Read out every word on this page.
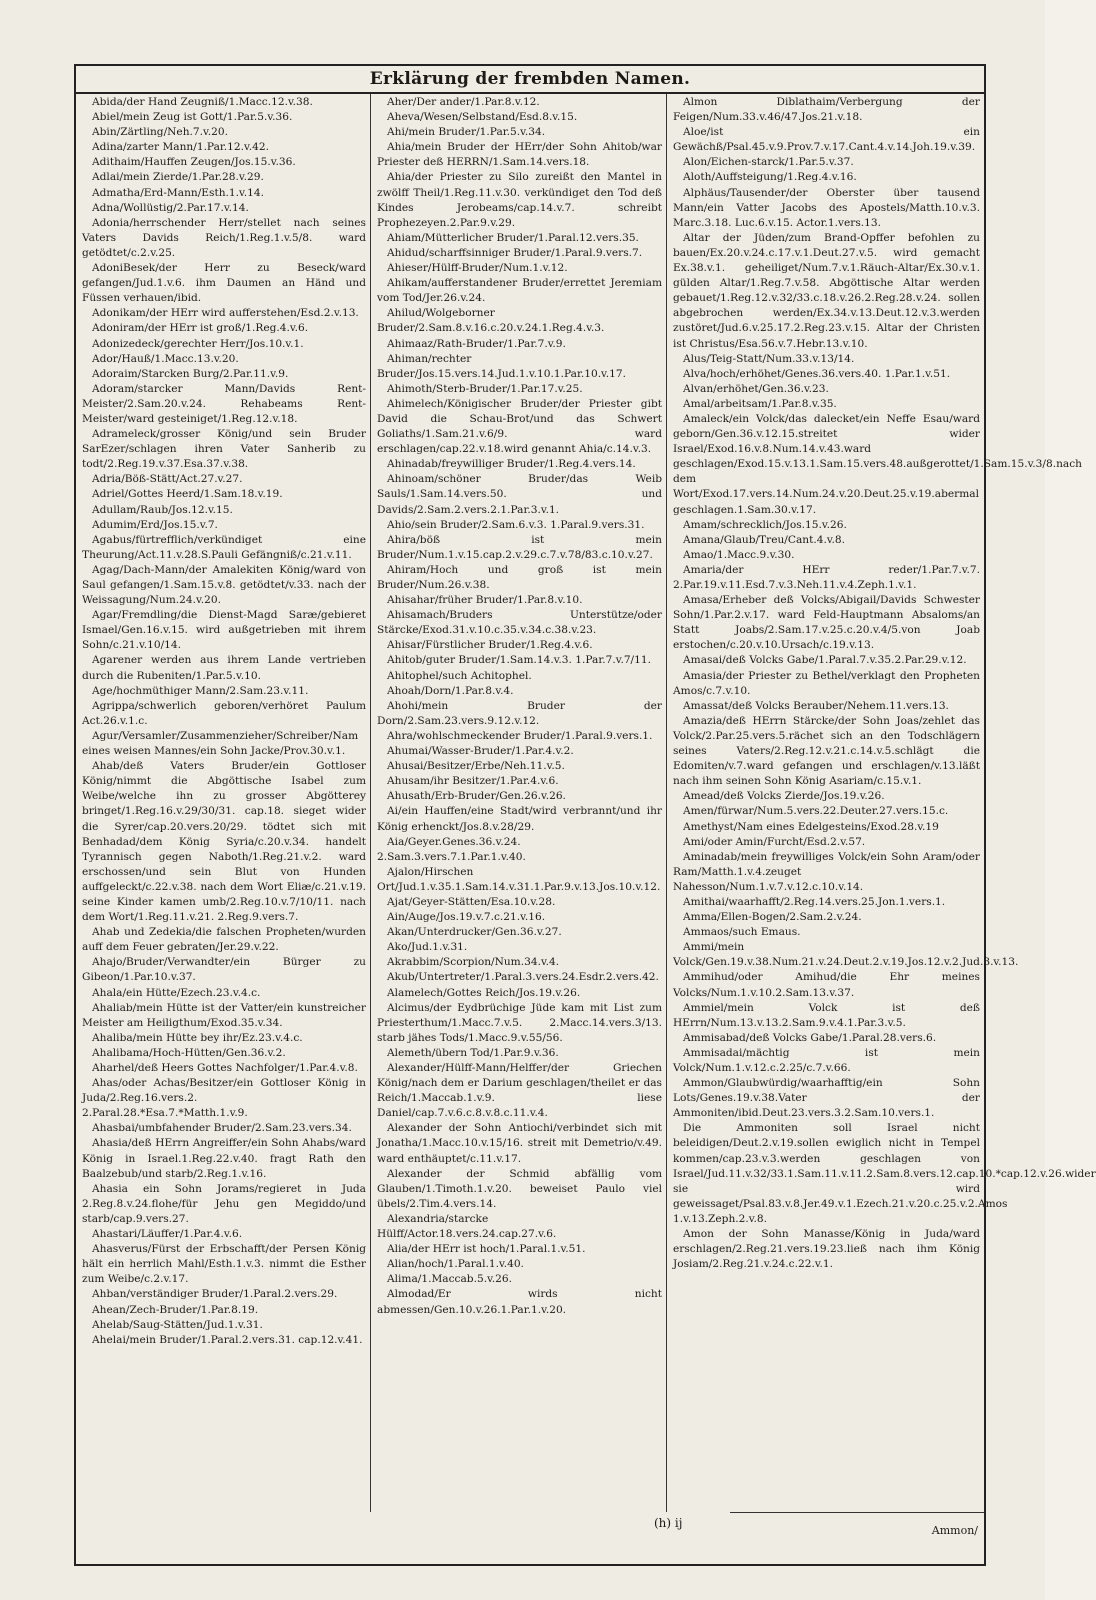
Erklärung der frembden Namen.

Abida/der Hand Zeugniß/1.Macc.12.v.38.

Abiel/mein Zeug ist Gott/1.Par.5.v.36.

Abin/Zärtling/Neh.7.v.20.

Adina/zarter Mann/1.Par.12.v.42.

Adithaim/Hauffen Zeugen/Jos.15.v.36.

Adlai/mein Zierde/1.Par.28.v.29.

Admatha/Erd-Mann/Esth.1.v.14.

Adna/Wollüstig/2.Par.17.v.14.

Adonia/herrschender Herr/stellet nach seines Vaters Davids Reich/1.Reg.1.v.5/8. ward getödtet/c.2.v.25.

AdoniBesek/der Herr zu Beseck/ward gefangen/Jud.1.v.6. ihm Daumen an Händ und Füssen verhauen/ibid.

Adonikam/der HErr wird aufferstehen/Esd.2.v.13.

Adoniram/der HErr ist groß/1.Reg.4.v.6.

Adonizedeck/gerechter Herr/Jos.10.v.1.

Ador/Hauß/1.Macc.13.v.20.

Adoraim/Starcken Burg/2.Par.11.v.9.

Adoram/starcker Mann/Davids Rent-Meister/2.Sam.20.v.24. Rehabeams Rent-Meister/ward gesteiniget/1.Reg.12.v.18.

Adrameleck/grosser König/und sein Bruder SarEzer/schlagen ihren Vater Sanherib zu todt/2.Reg.19.v.37.Esa.37.v.38.

Adria/Böß-Stätt/Act.27.v.27.

Adriel/Gottes Heerd/1.Sam.18.v.19.

Adullam/Raub/Jos.12.v.15.

Adumim/Erd/Jos.15.v.7.

Agabus/fürtrefflich/verkündiget eine Theurung/Act.11.v.28.S.Pauli Gefängniß/c.21.v.11.

Agag/Dach-Mann/der Amalekiten König/ward von Saul gefangen/1.Sam.15.v.8. getödtet/v.33. nach der Weissagung/Num.24.v.20.

Agar/Fremdling/die Dienst-Magd Saræ/gebieret Ismael/Gen.16.v.15. wird außgetrieben mit ihrem Sohn/c.21.v.10/14.

Agarener werden aus ihrem Lande vertrieben durch die Rubeniten/1.Par.5.v.10.

Age/hochmüthiger Mann/2.Sam.23.v.11.

Agrippa/schwerlich geboren/verhöret Paulum Act.26.v.1.c.

Agur/Versamler/Zusammenzieher/Schreiber/Nam eines weisen Mannes/ein Sohn Jacke/Prov.30.v.1.

Ahab/deß Vaters Bruder/ein Gottloser König/nimmt die Abgöttische Isabel zum Weibe/welche ihn zu grosser Abgötterey bringet/1.Reg.16.v.29/30/31. cap.18. sieget wider die Syrer/cap.20.vers.20/29. tödtet sich mit Benhadad/dem König Syria/c.20.v.34. handelt Tyrannisch gegen Naboth/1.Reg.21.v.2. ward erschossen/und sein Blut von Hunden auffgeleckt/c.22.v.38. nach dem Wort Eliæ/c.21.v.19. seine Kinder kamen umb/2.Reg.10.v.7/10/11. nach dem Wort/1.Reg.11.v.21. 2.Reg.9.vers.7.

Ahab und Zedekia/die falschen Propheten/wurden auff dem Feuer gebraten/Jer.29.v.22.

Ahajo/Bruder/Verwandter/ein Bürger zu Gibeon/1.Par.10.v.37.

Ahala/ein Hütte/Ezech.23.v.4.c.

Ahaliab/mein Hütte ist der Vatter/ein kunstreicher Meister am Heiligthum/Exod.35.v.34.

Ahaliba/mein Hütte bey ihr/Ez.23.v.4.c.

Ahalibama/Hoch-Hütten/Gen.36.v.2.

Aharhel/deß Heers Gottes Nachfolger/1.Par.4.v.8.

Ahas/oder Achas/Besitzer/ein Gottloser König in Juda/2.Reg.16.vers.2. 2.Paral.28.*Esa.7.*Matth.1.v.9.

Ahasbai/umbfahender Bruder/2.Sam.23.vers.34.

Ahasia/deß HErrn Angreiffer/ein Sohn Ahabs/ward König in Israel.1.Reg.22.v.40. fragt Rath den Baalzebub/und starb/2.Reg.1.v.16.

Ahasia ein Sohn Jorams/regieret in Juda 2.Reg.8.v.24.flohe/für Jehu gen Megiddo/und starb/cap.9.vers.27.

Ahastari/Läuffer/1.Par.4.v.6.

Ahasverus/Fürst der Erbschafft/der Persen König hält ein herrlich Mahl/Esth.1.v.3. nimmt die Esther zum Weibe/c.2.v.17.

Ahban/verständiger Bruder/1.Paral.2.vers.29.

Ahean/Zech-Bruder/1.Par.8.19.

Ahelab/Saug-Stätten/Jud.1.v.31.

Ahelai/mein Bruder/1.Paral.2.vers.31. cap.12.v.41.

Aher/Der ander/1.Par.8.v.12.

Aheva/Wesen/Selbstand/Esd.8.v.15.

Ahi/mein Bruder/1.Par.5.v.34.

Ahia/mein Bruder der HErr/der Sohn Ahitob/war Priester deß HERRN/1.Sam.14.vers.18.

Ahia/der Priester zu Silo zureißt den Mantel in zwölff Theil/1.Reg.11.v.30. verkündiget den Tod deß Kindes Jerobeams/cap.14.v.7. schreibt Prophezeyen.2.Par.9.v.29.

Ahiam/Mütterlicher Bruder/1.Paral.12.vers.35.

Ahidud/scharffsinniger Bruder/1.Paral.9.vers.7.

Ahieser/Hülff-Bruder/Num.1.v.12.

Ahikam/aufferstandener Bruder/errettet Jeremiam vom Tod/Jer.26.v.24.

Ahilud/Wolgeborner Bruder/2.Sam.8.v.16.c.20.v.24.1.Reg.4.v.3.

Ahimaaz/Rath-Bruder/1.Par.7.v.9.

Ahiman/rechter Bruder/Jos.15.vers.14.Jud.1.v.10.1.Par.10.v.17.

Ahimoth/Sterb-Bruder/1.Par.17.v.25.

Ahimelech/Königischer Bruder/der Priester gibt David die Schau-Brot/und das Schwert Goliaths/1.Sam.21.v.6/9. ward erschlagen/cap.22.v.18.wird genannt Ahia/c.14.v.3.

Ahinadab/freywilliger Bruder/1.Reg.4.vers.14.

Ahinoam/schöner Bruder/das Weib Sauls/1.Sam.14.vers.50. und Davids/2.Sam.2.vers.2.1.Par.3.v.1.

Ahio/sein Bruder/2.Sam.6.v.3. 1.Paral.9.vers.31.

Ahira/böß ist mein Bruder/Num.1.v.15.cap.2.v.29.c.7.v.78/83.c.10.v.27.

Ahiram/Hoch und groß ist mein Bruder/Num.26.v.38.

Ahisahar/früher Bruder/1.Par.8.v.10.

Ahisamach/Bruders Unterstütze/oder Stärcke/Exod.31.v.10.c.35.v.34.c.38.v.23.

Ahisar/Fürstlicher Bruder/1.Reg.4.v.6.

Ahitob/guter Bruder/1.Sam.14.v.3. 1.Par.7.v.7/11.

Ahitophel/such Achitophel.

Ahoah/Dorn/1.Par.8.v.4.

Ahohi/mein Bruder der Dorn/2.Sam.23.vers.9.12.v.12.

Ahra/wohlschmeckender Bruder/1.Paral.9.vers.1.

Ahumai/Wasser-Bruder/1.Par.4.v.2.

Ahusai/Besitzer/Erbe/Neh.11.v.5.

Ahusam/ihr Besitzer/1.Par.4.v.6.

Ahusath/Erb-Bruder/Gen.26.v.26.

Ai/ein Hauffen/eine Stadt/wird verbrannt/und ihr König erhenckt/Jos.8.v.28/29.

Aia/Geyer.Genes.36.v.24. 2.Sam.3.vers.7.1.Par.1.v.40.

Ajalon/Hirschen Ort/Jud.1.v.35.1.Sam.14.v.31.1.Par.9.v.13.Jos.10.v.12.

Ajat/Geyer-Stätten/Esa.10.v.28.

Ain/Auge/Jos.19.v.7.c.21.v.16.

Akan/Unterdrucker/Gen.36.v.27.

Ako/Jud.1.v.31.

Akrabbim/Scorpion/Num.34.v.4.

Akub/Untertreter/1.Paral.3.vers.24.Esdr.2.vers.42.

Alamelech/Gottes Reich/Jos.19.v.26.

Alcimus/der Eydbrüchige Jüde kam mit List zum Priesterthum/1.Macc.7.v.5. 2.Macc.14.vers.3/13. starb jähes Tods/1.Macc.9.v.55/56.

Alemeth/übern Tod/1.Par.9.v.36.

Alexander/Hülff-Mann/Helffer/der Griechen König/nach dem er Darium geschlagen/theilet er das Reich/1.Maccab.1.v.9. liese Daniel/cap.7.v.6.c.8.v.8.c.11.v.4.

Alexander der Sohn Antiochi/verbindet sich mit Jonatha/1.Macc.10.v.15/16. streit mit Demetrio/v.49. ward enthäuptet/c.11.v.17.

Alexander der Schmid abfällig vom Glauben/1.Timoth.1.v.20. beweiset Paulo viel übels/2.Tim.4.vers.14.

Alexandria/starcke Hülff/Actor.18.vers.24.cap.27.v.6.

Alia/der HErr ist hoch/1.Paral.1.v.51.

Alian/hoch/1.Paral.1.v.40.

Alima/1.Maccab.5.v.26.

Almodad/Er wirds nicht abmessen/Gen.10.v.26.1.Par.1.v.20.

Almon Diblathaim/Verbergung der Feigen/Num.33.v.46/47.Jos.21.v.18.

Aloe/ist ein Gewächß/Psal.45.v.9.Prov.7.v.17.Cant.4.v.14.Joh.19.v.39.

Alon/Eichen-starck/1.Par.5.v.37.

Aloth/Auffsteigung/1.Reg.4.v.16.

Alphäus/Tausender/der Oberster über tausend Mann/ein Vatter Jacobs des Apostels/Matth.10.v.3. Marc.3.18. Luc.6.v.15. Actor.1.vers.13.

Altar der Jüden/zum Brand-Opffer befohlen zu bauen/Ex.20.v.24.c.17.v.1.Deut.27.v.5. wird gemacht Ex.38.v.1. geheiliget/Num.7.v.1.Räuch-Altar/Ex.30.v.1. gülden Altar/1.Reg.7.v.58. Abgöttische Altar werden gebauet/1.Reg.12.v.32/33.c.18.v.26.2.Reg.28.v.24. sollen abgebrochen werden/Ex.34.v.13.Deut.12.v.3.werden zustöret/Jud.6.v.25.17.2.Reg.23.v.15. Altar der Christen ist Christus/Esa.56.v.7.Hebr.13.v.10.

Alus/Teig-Statt/Num.33.v.13/14.

Alva/hoch/erhöhet/Genes.36.vers.40. 1.Par.1.v.51.

Alvan/erhöhet/Gen.36.v.23.

Amal/arbeitsam/1.Par.8.v.35.

Amaleck/ein Volck/das dalecket/ein Neffe Esau/ward geborn/Gen.36.v.12.15.streitet wider Israel/Exod.16.v.8.Num.14.v.43.ward geschlagen/Exod.15.v.13.1.Sam.15.vers.48.außgerottet/1.Sam.15.v.3/8.nach dem Wort/Exod.17.vers.14.Num.24.v.20.Deut.25.v.19.abermal geschlagen.1.Sam.30.v.17.

Amam/schrecklich/Jos.15.v.26.

Amana/Glaub/Treu/Cant.4.v.8.

Amao/1.Macc.9.v.30.

Amaria/der HErr reder/1.Par.7.v.7. 2.Par.19.v.11.Esd.7.v.3.Neh.11.v.4.Zeph.1.v.1.

Amasa/Erheber deß Volcks/Abigail/Davids Schwester Sohn/1.Par.2.v.17. ward Feld-Hauptmann Absaloms/an Statt Joabs/2.Sam.17.v.25.c.20.v.4/5.von Joab erstochen/c.20.v.10.Ursach/c.19.v.13.

Amasai/deß Volcks Gabe/1.Paral.7.v.35.2.Par.29.v.12.

Amasia/der Priester zu Bethel/verklagt den Propheten Amos/c.7.v.10.

Amassat/deß Volcks Berauber/Nehem.11.vers.13.

Amazia/deß HErrn Stärcke/der Sohn Joas/zehlet das Volck/2.Par.25.vers.5.rächet sich an den Todschlägern seines Vaters/2.Reg.12.v.21.c.14.v.5.schlägt die Edomiten/v.7.ward gefangen und erschlagen/v.13.läßt nach ihm seinen Sohn König Asariam/c.15.v.1.

Amead/deß Volcks Zierde/Jos.19.v.26.

Amen/fürwar/Num.5.vers.22.Deuter.27.vers.15.c.

Amethyst/Nam eines Edelgesteins/Exod.28.v.19

Ami/oder Amin/Furcht/Esd.2.v.57.

Aminadab/mein freywilliges Volck/ein Sohn Aram/oder Ram/Matth.1.v.4.zeuget Nahesson/Num.1.v.7.v.12.c.10.v.14.

Amithai/waarhafft/2.Reg.14.vers.25.Jon.1.vers.1.

Amma/Ellen-Bogen/2.Sam.2.v.24.

Ammaos/such Emaus.

Ammi/mein Volck/Gen.19.v.38.Num.21.v.24.Deut.2.v.19.Jos.12.v.2.Jud.3.v.13.

Ammihud/oder Amihud/die Ehr meines Volcks/Num.1.v.10.2.Sam.13.v.37.

Ammiel/mein Volck ist deß HErrn/Num.13.v.13.2.Sam.9.v.4.1.Par.3.v.5.

Ammisabad/deß Volcks Gabe/1.Paral.28.vers.6.

Ammisadai/mächtig ist mein Volck/Num.1.v.12.c.2.25/c.7.v.66.

Ammon/Glaubwürdig/waarhafftig/ein Sohn Lots/Genes.19.v.38.Vater der Ammoniten/ibid.Deut.23.vers.3.2.Sam.10.vers.1.

Die Ammoniten soll Israel nicht beleidigen/Deut.2.v.19.sollen ewiglich nicht in Tempel kommen/cap.23.v.3.werden geschlagen von Israel/Jud.11.v.32/33.1.Sam.11.v.11.2.Sam.8.vers.12.cap.10.*cap.12.v.26.wider sie wird geweissaget/Psal.83.v.8.Jer.49.v.1.Ezech.21.v.20.c.25.v.2.Amos 1.v.13.Zeph.2.v.8.

Amon der Sohn Manasse/König in Juda/ward erschlagen/2.Reg.21.vers.19.23.ließ nach ihm König Josiam/2.Reg.21.v.24.c.22.v.1.

(h) ij
Ammon/
